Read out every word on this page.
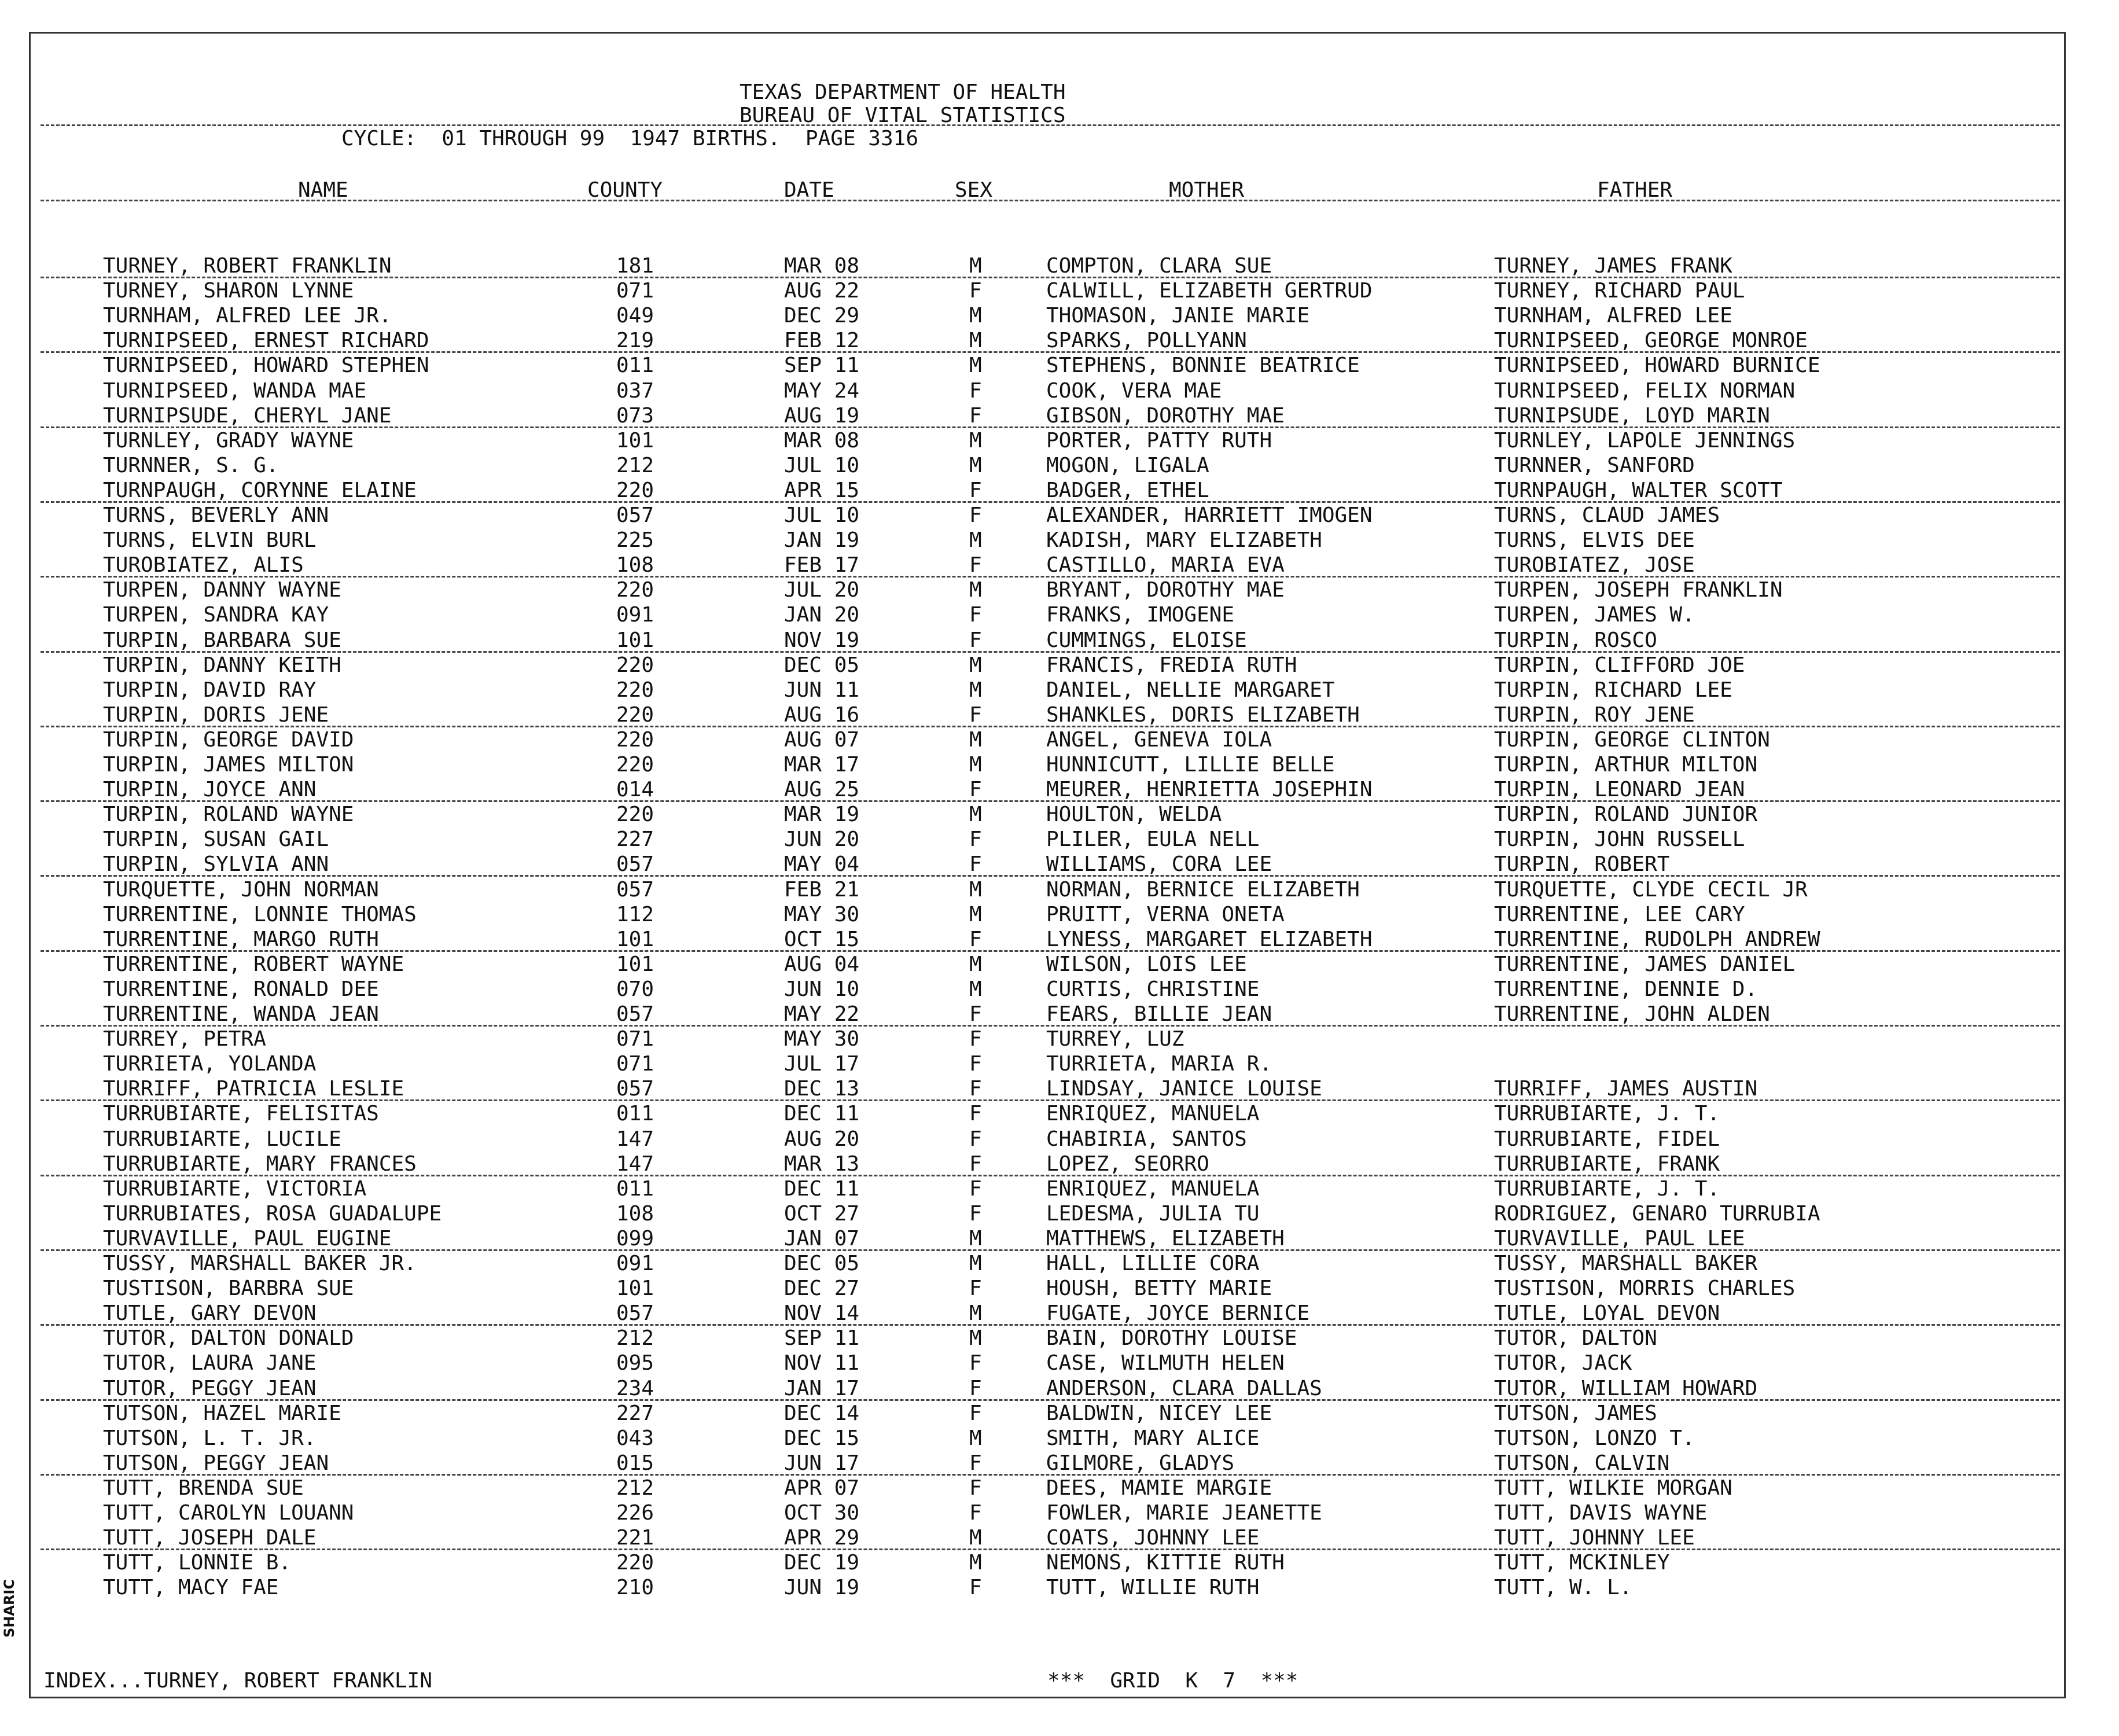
TEXAS DEPARTMENT OF HEALTH
BUREAU OF VITAL STATISTICS
CYCLE:  01 THROUGH 99  1947 BIRTHS.  PAGE 3316
NAME	COUNTY	DATE	SEX	MOTHER	FATHER
TURNEY, ROBERT FRANKLIN	181	MAR 08	M	COMPTON, CLARA SUE	TURNEY, JAMES FRANK
TURNEY, SHARON LYNNE	071	AUG 22	F	CALWILL, ELIZABETH GERTRUD	TURNEY, RICHARD PAUL
TURNHAM, ALFRED LEE JR.	049	DEC 29	M	THOMASON, JANIE MARIE	TURNHAM, ALFRED LEE
TURNIPSEED, ERNEST RICHARD	219	FEB 12	M	SPARKS, POLLYANN	TURNIPSEED, GEORGE MONROE
TURNIPSEED, HOWARD STEPHEN	011	SEP 11	M	STEPHENS, BONNIE BEATRICE	TURNIPSEED, HOWARD BURNICE
TURNIPSEED, WANDA MAE	037	MAY 24	F	COOK, VERA MAE	TURNIPSEED, FELIX NORMAN
TURNIPSUDE, CHERYL JANE	073	AUG 19	F	GIBSON, DOROTHY MAE	TURNIPSUDE, LOYD MARIN
TURNLEY, GRADY WAYNE	101	MAR 08	M	PORTER, PATTY RUTH	TURNLEY, LAPOLE JENNINGS
TURNNER, S. G.	212	JUL 10	M	MOGON, LIGALA	TURNNER, SANFORD
TURNPAUGH, CORYNNE ELAINE	220	APR 15	F	BADGER, ETHEL	TURNPAUGH, WALTER SCOTT
TURNS, BEVERLY ANN	057	JUL 10	F	ALEXANDER, HARRIETT IMOGEN	TURNS, CLAUD JAMES
TURNS, ELVIN BURL	225	JAN 19	M	KADISH, MARY ELIZABETH	TURNS, ELVIS DEE
TUROBIATEZ, ALIS	108	FEB 17	F	CASTILLO, MARIA EVA	TUROBIATEZ, JOSE
TURPEN, DANNY WAYNE	220	JUL 20	M	BRYANT, DOROTHY MAE	TURPEN, JOSEPH FRANKLIN
TURPEN, SANDRA KAY	091	JAN 20	F	FRANKS, IMOGENE	TURPEN, JAMES W.
TURPIN, BARBARA SUE	101	NOV 19	F	CUMMINGS, ELOISE	TURPIN, ROSCO
TURPIN, DANNY KEITH	220	DEC 05	M	FRANCIS, FREDIA RUTH	TURPIN, CLIFFORD JOE
TURPIN, DAVID RAY	220	JUN 11	M	DANIEL, NELLIE MARGARET	TURPIN, RICHARD LEE
TURPIN, DORIS JENE	220	AUG 16	F	SHANKLES, DORIS ELIZABETH	TURPIN, ROY JENE
TURPIN, GEORGE DAVID	220	AUG 07	M	ANGEL, GENEVA IOLA	TURPIN, GEORGE CLINTON
TURPIN, JAMES MILTON	220	MAR 17	M	HUNNICUTT, LILLIE BELLE	TURPIN, ARTHUR MILTON
TURPIN, JOYCE ANN	014	AUG 25	F	MEURER, HENRIETTA JOSEPHIN	TURPIN, LEONARD JEAN
TURPIN, ROLAND WAYNE	220	MAR 19	M	HOULTON, WELDA	TURPIN, ROLAND JUNIOR
TURPIN, SUSAN GAIL	227	JUN 20	F	PLILER, EULA NELL	TURPIN, JOHN RUSSELL
TURPIN, SYLVIA ANN	057	MAY 04	F	WILLIAMS, CORA LEE	TURPIN, ROBERT
TURQUETTE, JOHN NORMAN	057	FEB 21	M	NORMAN, BERNICE ELIZABETH	TURQUETTE, CLYDE CECIL JR
TURRENTINE, LONNIE THOMAS	112	MAY 30	M	PRUITT, VERNA ONETA	TURRENTINE, LEE CARY
TURRENTINE, MARGO RUTH	101	OCT 15	F	LYNESS, MARGARET ELIZABETH	TURRENTINE, RUDOLPH ANDREW
TURRENTINE, ROBERT WAYNE	101	AUG 04	M	WILSON, LOIS LEE	TURRENTINE, JAMES DANIEL
TURRENTINE, RONALD DEE	070	JUN 10	M	CURTIS, CHRISTINE	TURRENTINE, DENNIE D.
TURRENTINE, WANDA JEAN	057	MAY 22	F	FEARS, BILLIE JEAN	TURRENTINE, JOHN ALDEN
TURREY, PETRA	071	MAY 30	F	TURREY, LUZ
TURRIETA, YOLANDA	071	JUL 17	F	TURRIETA, MARIA R.
TURRIFF, PATRICIA LESLIE	057	DEC 13	F	LINDSAY, JANICE LOUISE	TURRIFF, JAMES AUSTIN
TURRUBIARTE, FELISITAS	011	DEC 11	F	ENRIQUEZ, MANUELA	TURRUBIARTE, J. T.
TURRUBIARTE, LUCILE	147	AUG 20	F	CHABIRIA, SANTOS	TURRUBIARTE, FIDEL
TURRUBIARTE, MARY FRANCES	147	MAR 13	F	LOPEZ, SEORRO	TURRUBIARTE, FRANK
TURRUBIARTE, VICTORIA	011	DEC 11	F	ENRIQUEZ, MANUELA	TURRUBIARTE, J. T.
TURRUBIATES, ROSA GUADALUPE	108	OCT 27	F	LEDESMA, JULIA TU	RODRIGUEZ, GENARO TURRUBIA
TURVAVILLE, PAUL EUGINE	099	JAN 07	M	MATTHEWS, ELIZABETH	TURVAVILLE, PAUL LEE
TUSSY, MARSHALL BAKER JR.	091	DEC 05	M	HALL, LILLIE CORA	TUSSY, MARSHALL BAKER
TUSTISON, BARBRA SUE	101	DEC 27	F	HOUSH, BETTY MARIE	TUSTISON, MORRIS CHARLES
TUTLE, GARY DEVON	057	NOV 14	M	FUGATE, JOYCE BERNICE	TUTLE, LOYAL DEVON
TUTOR, DALTON DONALD	212	SEP 11	M	BAIN, DOROTHY LOUISE	TUTOR, DALTON
TUTOR, LAURA JANE	095	NOV 11	F	CASE, WILMUTH HELEN	TUTOR, JACK
TUTOR, PEGGY JEAN	234	JAN 17	F	ANDERSON, CLARA DALLAS	TUTOR, WILLIAM HOWARD
TUTSON, HAZEL MARIE	227	DEC 14	F	BALDWIN, NICEY LEE	TUTSON, JAMES
TUTSON, L. T. JR.	043	DEC 15	M	SMITH, MARY ALICE	TUTSON, LONZO T.
TUTSON, PEGGY JEAN	015	JUN 17	F	GILMORE, GLADYS	TUTSON, CALVIN
TUTT, BRENDA SUE	212	APR 07	F	DEES, MAMIE MARGIE	TUTT, WILKIE MORGAN
TUTT, CAROLYN LOUANN	226	OCT 30	F	FOWLER, MARIE JEANETTE	TUTT, DAVIS WAYNE
TUTT, JOSEPH DALE	221	APR 29	M	COATS, JOHNNY LEE	TUTT, JOHNNY LEE
TUTT, LONNIE B.	220	DEC 19	M	NEMONS, KITTIE RUTH	TUTT, MCKINLEY
TUTT, MACY FAE	210	JUN 19	F	TUTT, WILLIE RUTH	TUTT, W. L.
INDEX...TURNEY, ROBERT FRANKLIN	***  GRID  K  7  ***
SHARIC
